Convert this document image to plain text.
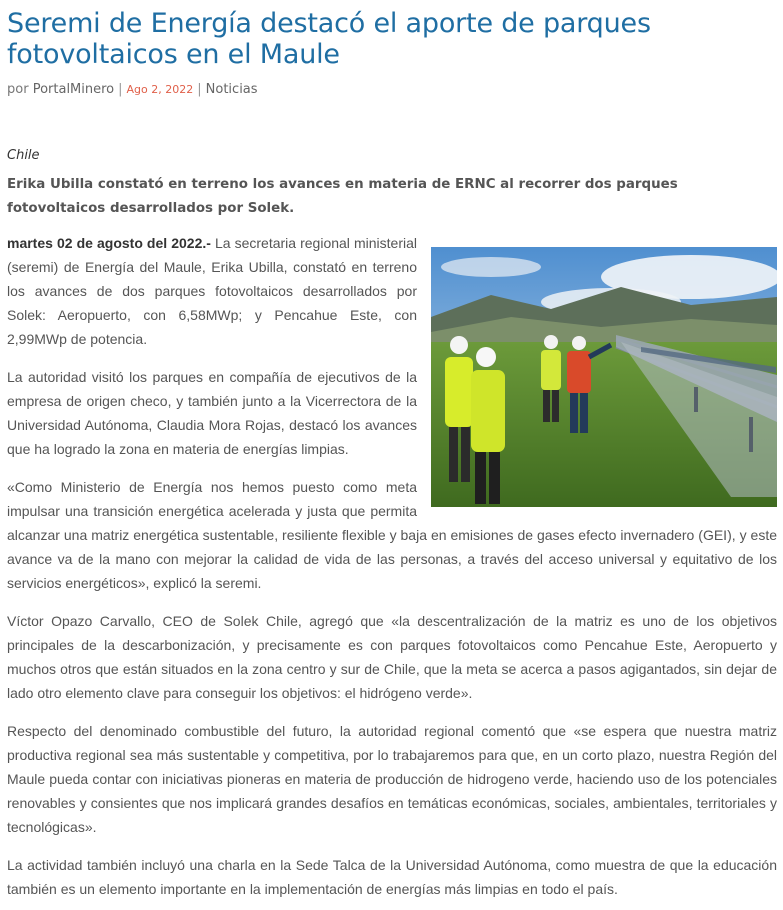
Seremi de Energía destacó el aporte de parques fotovoltaicos en el Maule
por PortalMinero | Ago 2, 2022 | Noticias
Chile
Erika Ubilla constató en terreno los avances en materia de ERNC al recorrer dos parques fotovoltaicos desarrollados por Solek.

martes 02 de agosto del 2022.- La secretaria regional ministerial (seremi) de Energía del Maule, Erika Ubilla, constató en terreno los avances de dos parques fotovoltaicos desarrollados por Solek: Aeropuerto, con 6,58MWp; y Pencahue Este, con 2,99MWp de potencia.

La autoridad visitó los parques en compañía de ejecutivos de la empresa de origen checo, y también junto a la Vicerrectora de la Universidad Autónoma, Claudia Mora Rojas, destacó los avances que ha logrado la zona en materia de energías limpias.

«Como Ministerio de Energía nos hemos puesto como meta impulsar una transición energética acelerada y justa que permita alcanzar una matriz energética sustentable, resiliente flexible y baja en emisiones de gases efecto invernadero (GEI), y este avance va de la mano con mejorar la calidad de vida de las personas, a través del acceso universal y equitativo de los servicios energéticos», explicó la seremi.

Víctor Opazo Carvallo, CEO de Solek Chile, agregó que «la descentralización de la matriz es uno de los objetivos principales de la descarbonización, y precisamente es con parques fotovoltaicos como Pencahue Este, Aeropuerto y muchos otros que están situados en la zona centro y sur de Chile, que la meta se acerca a pasos agigantados, sin dejar de lado otro elemento clave para conseguir los objetivos: el hidrógeno verde».

Respecto del denominado combustible del futuro, la autoridad regional comentó que «se espera que nuestra matriz productiva regional sea más sustentable y competitiva, por lo trabajaremos para que, en un corto plazo, nuestra Región del Maule pueda contar con iniciativas pioneras en materia de producción de hidrogeno verde, haciendo uso de los potenciales renovables y consientes que nos implicará grandes desafíos en temáticas económicas, sociales, ambientales, territoriales y tecnológicas».

La actividad también incluyó una charla en la Sede Talca de la Universidad Autónoma, como muestra de que la educación también es un elemento importante en la implementación de energías más limpias en todo el país.
